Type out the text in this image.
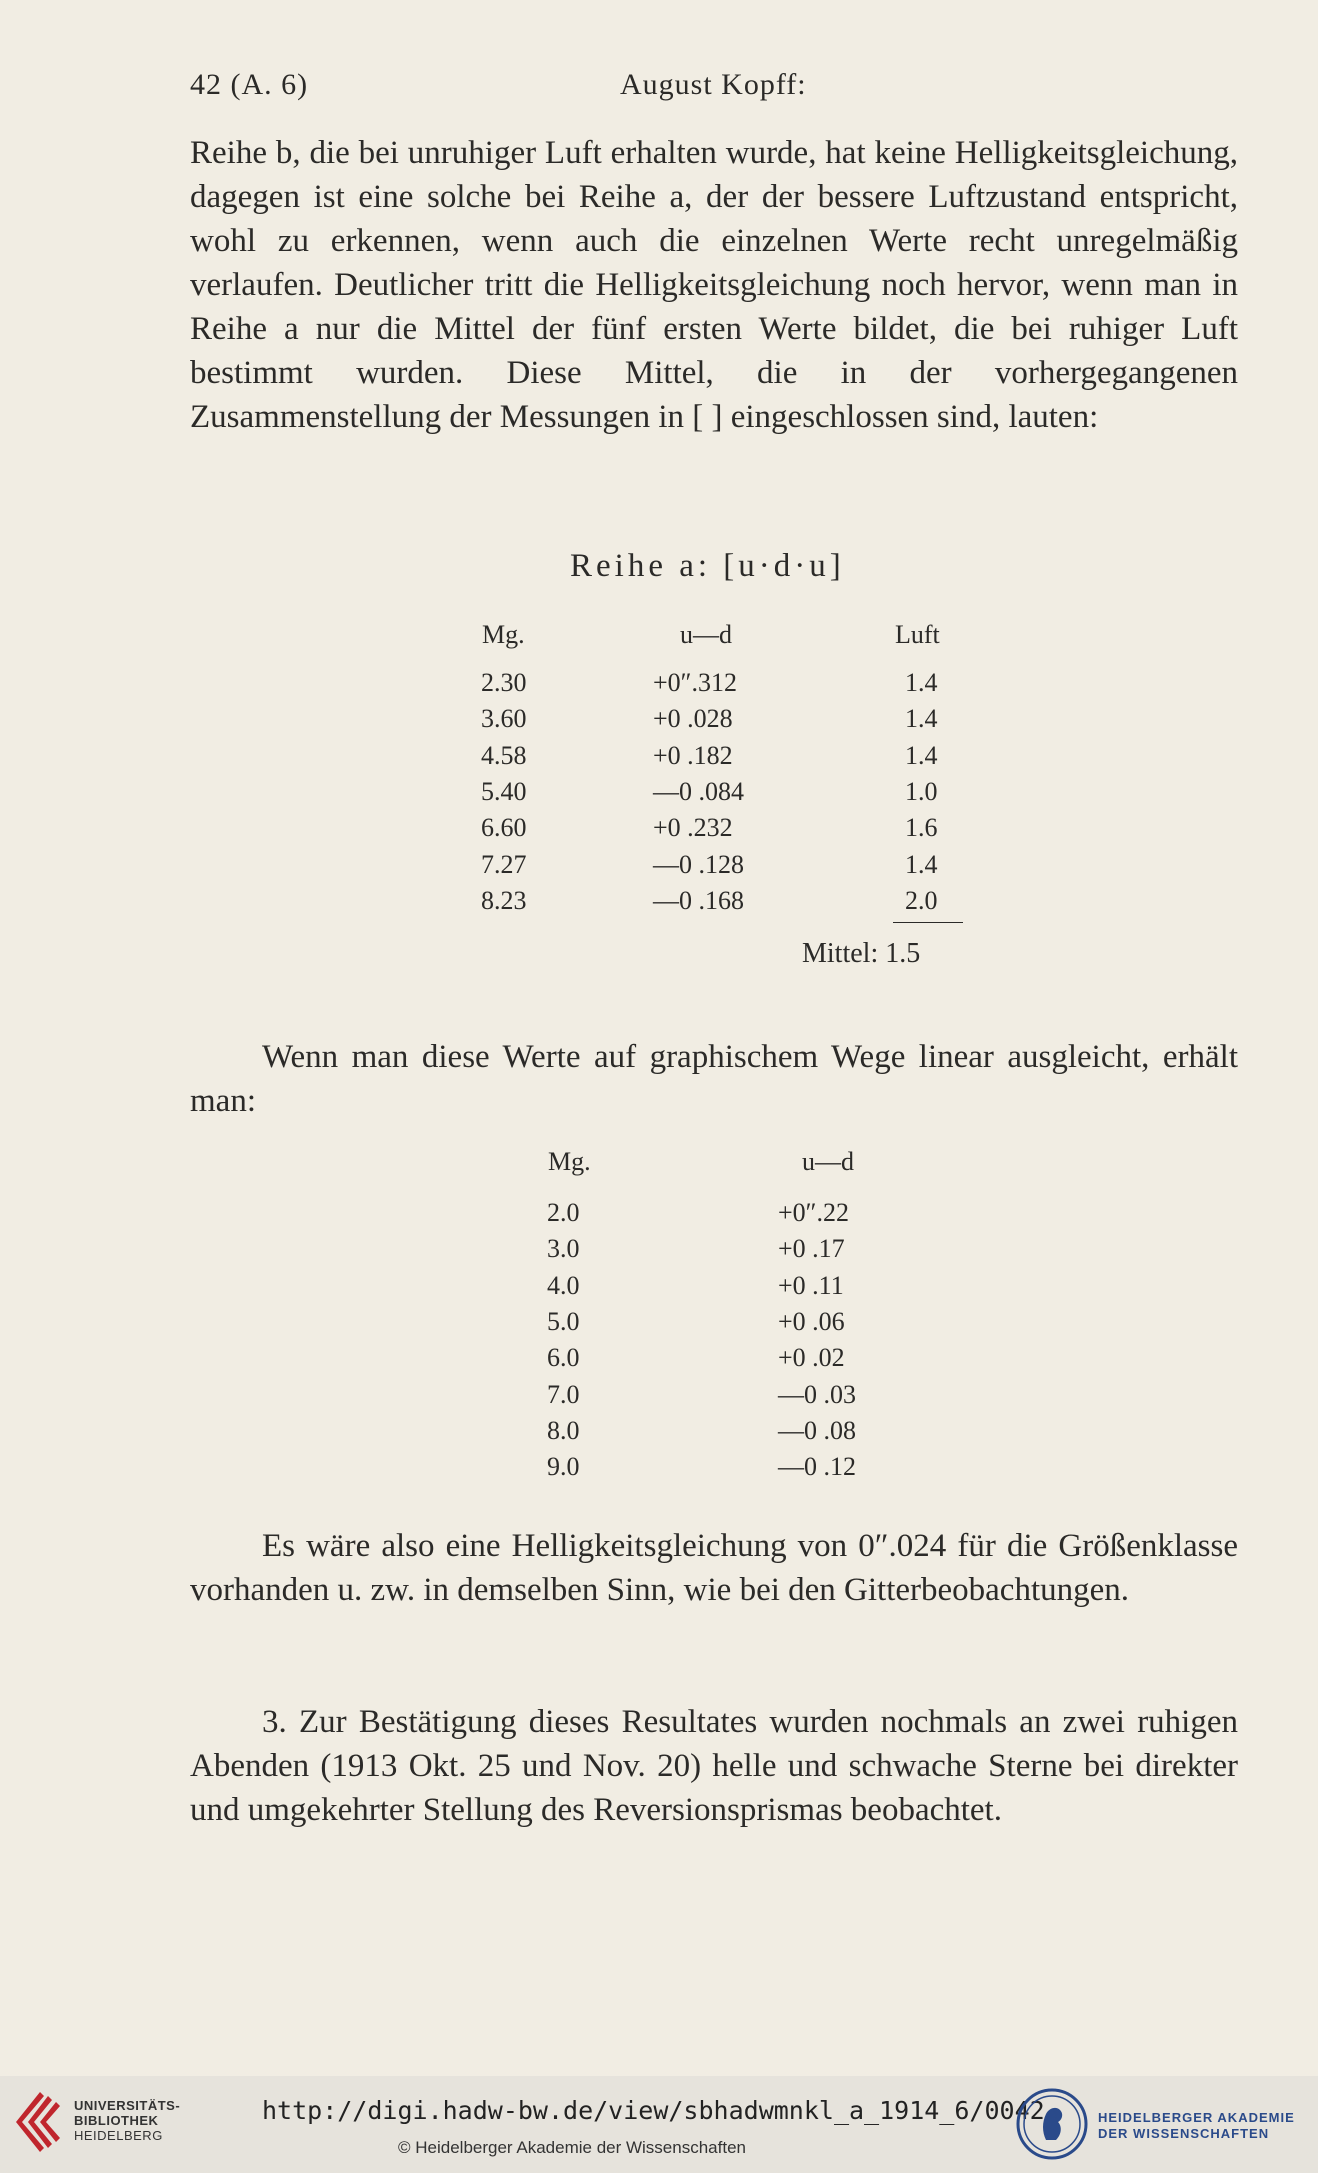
42 (A. 6)	August Kopff:

Reihe b, die bei unruhiger Luft erhalten wurde, hat keine Helligkeitsgleichung, dagegen ist eine solche bei Reihe a, der der bessere Luftzustand entspricht, wohl zu erkennen, wenn auch die einzelnen Werte recht unregelmäßig verlaufen. Deutlicher tritt die Helligkeitsgleichung noch hervor, wenn man in Reihe a nur die Mittel der fünf ersten Werte bildet, die bei ruhiger Luft bestimmt wurden. Diese Mittel, die in der vorhergegangenen Zusammenstellung der Messungen in [ ] eingeschlossen sind, lauten:

Reihe a: [u·d·u]
Mg.	u—d	Luft
2.30	+0″.312	1.4
3.60	+0 .028	1.4
4.58	+0 .182	1.4
5.40	—0 .084	1.0
6.60	+0 .232	1.6
7.27	—0 .128	1.4
8.23	—0 .168	2.0
Mittel: 1.5

Wenn man diese Werte auf graphischem Wege linear ausgleicht, erhält man:

Mg.	u—d
2.0	+0″.22
3.0	+0 .17
4.0	+0 .11
5.0	+0 .06
6.0	+0 .02
7.0	—0 .03
8.0	—0 .08
9.0	—0 .12

Es wäre also eine Helligkeitsgleichung von 0″.024 für die Größenklasse vorhanden u. zw. in demselben Sinn, wie bei den Gitterbeobachtungen.

3. Zur Bestätigung dieses Resultates wurden nochmals an zwei ruhigen Abenden (1913 Okt. 25 und Nov. 20) helle und schwache Sterne bei direkter und umgekehrter Stellung des Reversionsprismas beobachtet.

UNIVERSITÄTS-
BIBLIOTHEK
HEIDELBERG
http://digi.hadw-bw.de/view/sbhadwmnkl_a_1914_6/0042
© Heidelberger Akademie der Wissenschaften
HEIDELBERGER AKADEMIE
DER WISSENSCHAFTEN
